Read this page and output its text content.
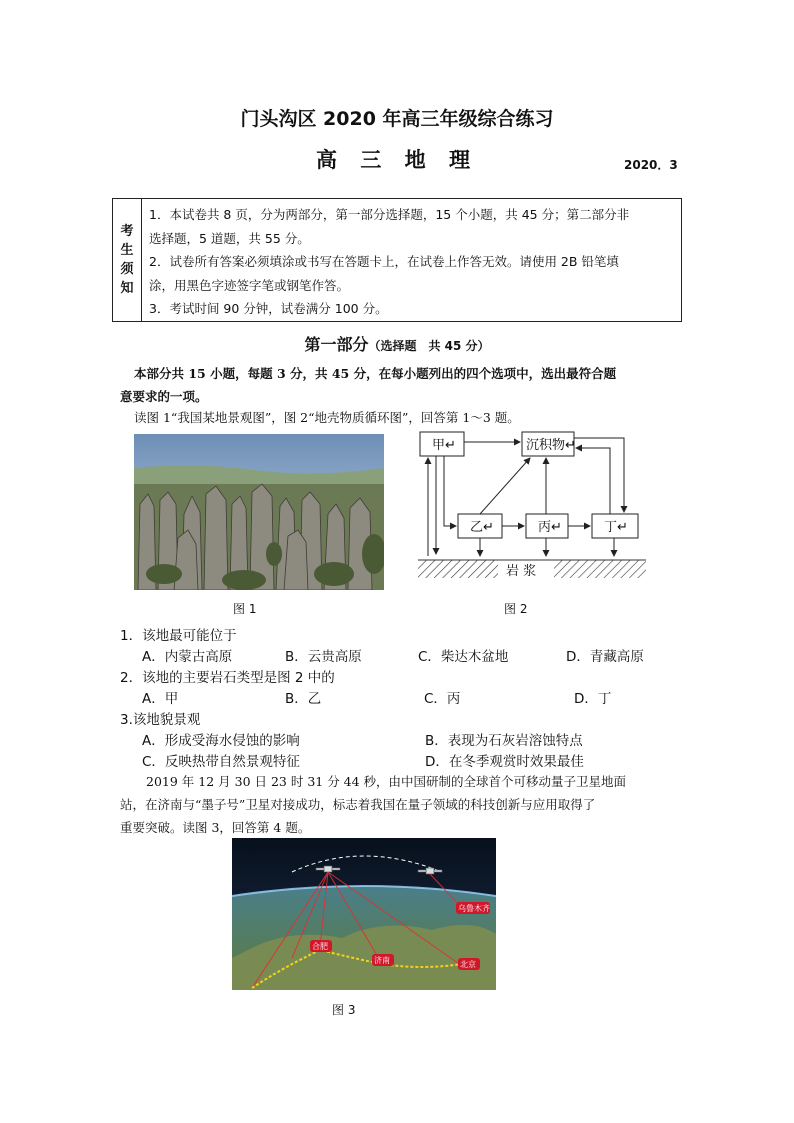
门头沟区 2020 年高三年级综合练习
高 三 地 理	2020．3
考
生
须
知

1．本试卷共 8 页，分为两部分，第一部分选择题，15 个小题，共 45 分；第二部分非

选择题，5 道题，共 55 分。

2．试卷所有答案必须填涂或书写在答题卡上，在试卷上作答无效。请使用 2B 铅笔填

涂，用黑色字迹签字笔或钢笔作答。

3．考试时间 90 分钟，试卷满分 100 分。

第一部分（选择题　共 45 分）
本部分共 15 小题，每题 3 分，共 45 分，在每小题列出的四个选项中，选出最符合题
意要求的一项。
读图 1“我国某地景观图”，图 2“地壳物质循环图”，回答第 1～3 题。
图 1
甲↵	沉积物↵
乙↵	丙↵	丁↵
岩 浆
图 2
1．该地最可能位于
A．内蒙古高原	B．云贵高原	C．柴达木盆地	D．青藏高原
2．该地的主要岩石类型是图 2 中的
A．甲	B．乙	C．丙	D．丁
3.该地貌景观
A．形成受海水侵蚀的影响	B．表现为石灰岩溶蚀特点
C．反映热带自然景观特征	D．在冬季观赏时效果最佳
2019 年 12 月 30 日 23 时 31 分 44 秒，由中国研制的全球首个可移动量子卫星地面
站，在济南与“墨子号”卫星对接成功，标志着我国在量子领域的科技创新与应用取得了
重要突破。读图 3，回答第 4 题。
乌鲁木齐
合肥
济南	北京
图 3
